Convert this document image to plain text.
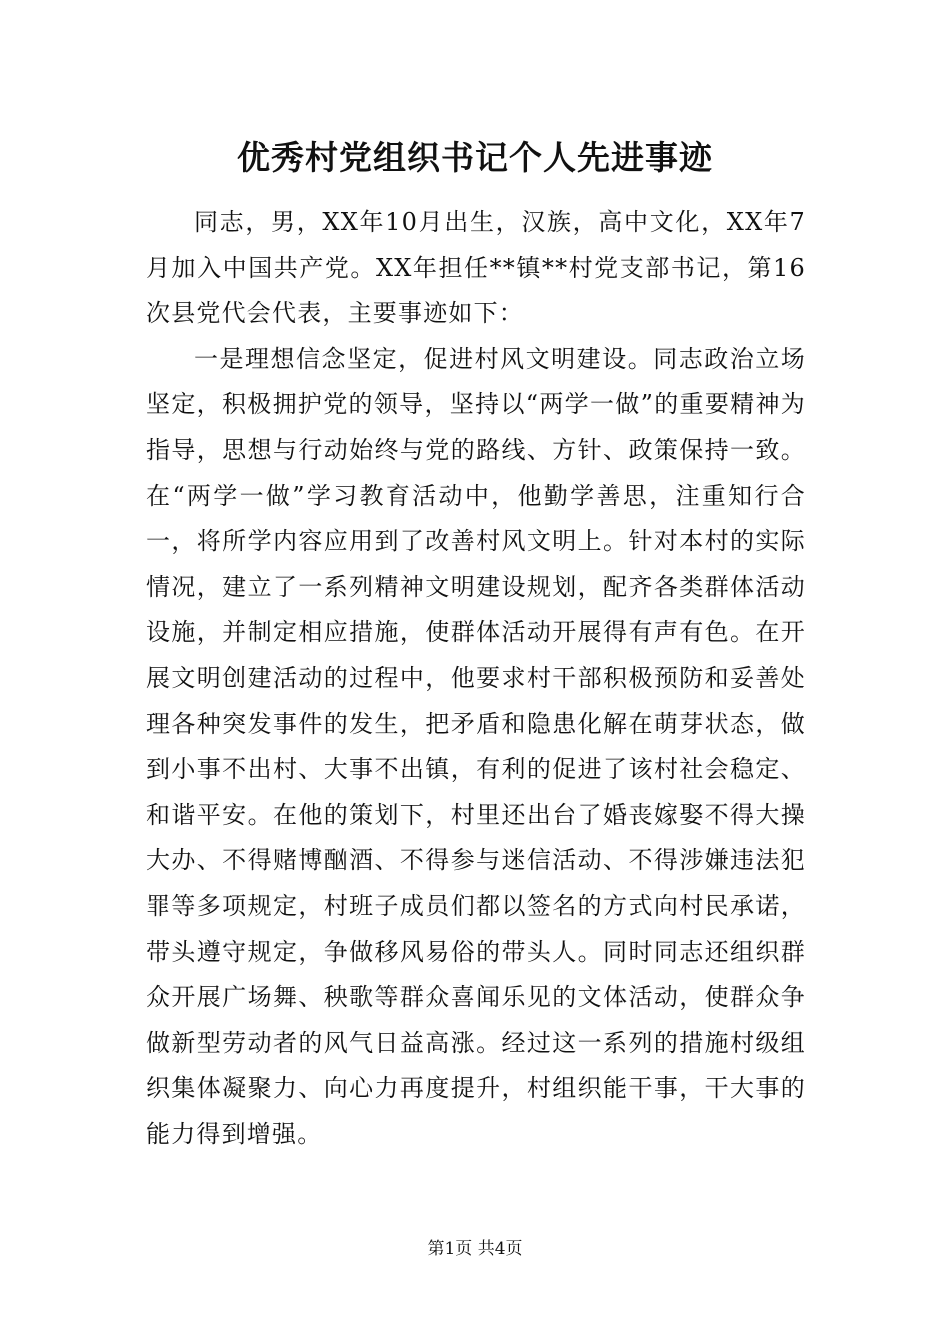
优秀村党组织书记个人先进事迹

同志，男，XX年10月出生，汉族，高中文化，XX年7月加入中国共产党。XX年担任**镇**村党支部书记，第16次县党代会代表，主要事迹如下：

一是理想信念坚定，促进村风文明建设。同志政治立场坚定，积极拥护党的领导，坚持以“两学一做”的重要精神为指导，思想与行动始终与党的路线、方针、政策保持一致。在“两学一做”学习教育活动中，他勤学善思，注重知行合一，将所学内容应用到了改善村风文明上。针对本村的实际情况，建立了一系列精神文明建设规划，配齐各类群体活动设施，并制定相应措施，使群体活动开展得有声有色。在开展文明创建活动的过程中，他要求村干部积极预防和妥善处理各种突发事件的发生，把矛盾和隐患化解在萌芽状态，做到小事不出村、大事不出镇，有利的促进了该村社会稳定、和谐平安。在他的策划下，村里还出台了婚丧嫁娶不得大操大办、不得赌博酗酒、不得参与迷信活动、不得涉嫌违法犯罪等多项规定，村班子成员们都以签名的方式向村民承诺，带头遵守规定，争做移风易俗的带头人。同时同志还组织群众开展广场舞、秧歌等群众喜闻乐见的文体活动，使群众争做新型劳动者的风气日益高涨。经过这一系列的措施村级组织集体凝聚力、向心力再度提升，村组织能干事，干大事的能力得到增强。

第1页 共4页
